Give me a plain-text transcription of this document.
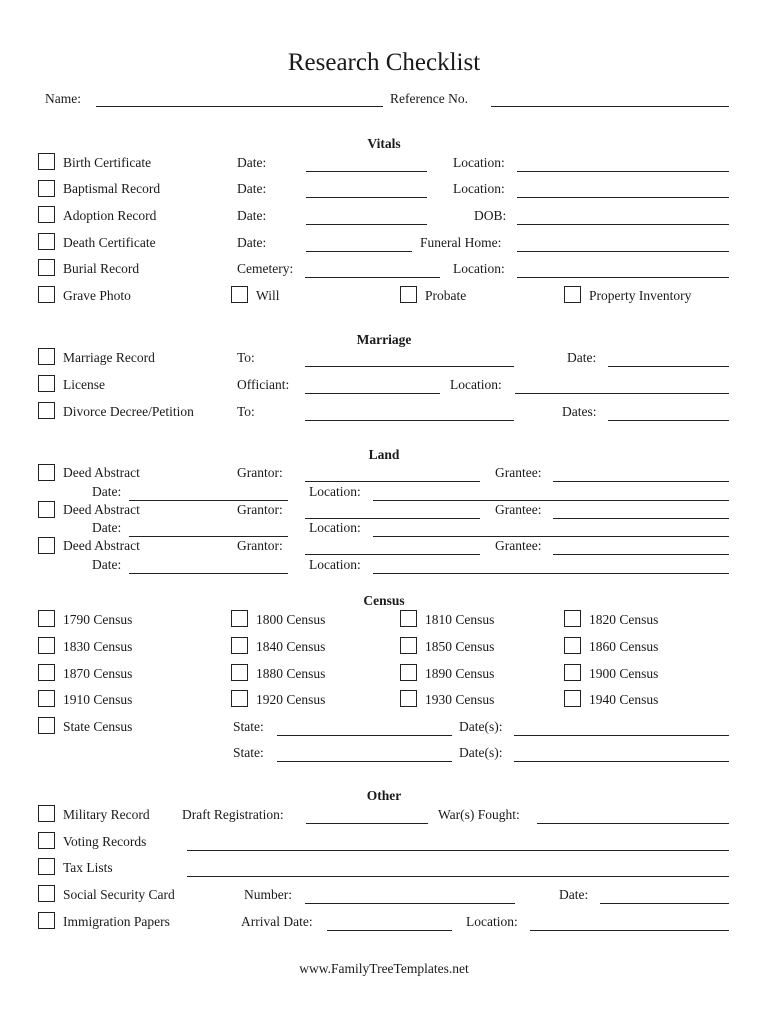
Research Checklist
Name:	Reference No.
Vitals
Birth Certificate	Date:	Location:
Baptismal Record	Date:	Location:
Adoption Record	Date:	DOB:
Death Certificate	Date:	Funeral Home:
Burial Record	Cemetery:	Location:
Grave Photo	Will	Probate	Property Inventory
Marriage
Marriage Record	To:	Date:
License	Officiant:	Location:
Divorce Decree/Petition	To:	Dates:
Land
Deed Abstract	Grantor:	Grantee:
Date:	Location:
Deed Abstract	Grantor:	Grantee:
Date:	Location:
Deed Abstract	Grantor:	Grantee:
Date:	Location:
Census
1790 Census	1800 Census	1810 Census	1820 Census
1830 Census	1840 Census	1850 Census	1860 Census
1870 Census	1880 Census	1890 Census	1900 Census
1910 Census	1920 Census	1930 Census	1940 Census
State Census	State:	Date(s):
State:	Date(s):
Other
Military Record Draft Registration:	War(s) Fought:
Voting Records
Tax Lists
Social Security Card	Number:	Date:
Immigration Papers	Arrival Date:	Location:
www.FamilyTreeTemplates.net
